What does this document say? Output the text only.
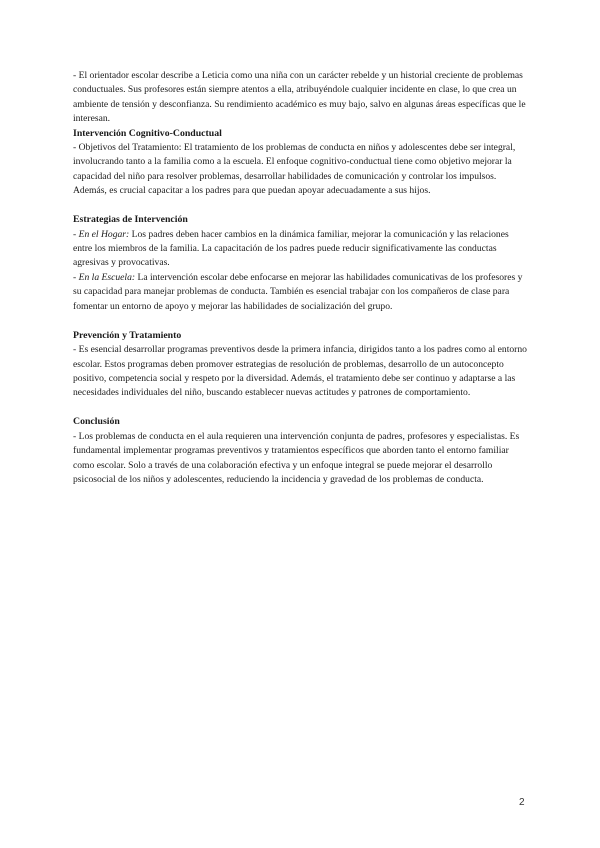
- El orientador escolar describe a Leticia como una niña con un carácter rebelde y un historial creciente de problemas conductuales. Sus profesores están siempre atentos a ella, atribuyéndole cualquier incidente en clase, lo que crea un ambiente de tensión y desconfianza. Su rendimiento académico es muy bajo, salvo en algunas áreas específicas que le interesan.

Intervención Cognitivo-Conductual

- Objetivos del Tratamiento: El tratamiento de los problemas de conducta en niños y adolescentes debe ser integral, involucrando tanto a la familia como a la escuela. El enfoque cognitivo-conductual tiene como objetivo mejorar la capacidad del niño para resolver problemas, desarrollar habilidades de comunicación y controlar los impulsos. Además, es crucial capacitar a los padres para que puedan apoyar adecuadamente a sus hijos.

Estrategias de Intervención

- En el Hogar: Los padres deben hacer cambios en la dinámica familiar, mejorar la comunicación y las relaciones entre los miembros de la familia. La capacitación de los padres puede reducir significativamente las conductas agresivas y provocativas.

- En la Escuela: La intervención escolar debe enfocarse en mejorar las habilidades comunicativas de los profesores y su capacidad para manejar problemas de conducta. También es esencial trabajar con los compañeros de clase para fomentar un entorno de apoyo y mejorar las habilidades de socialización del grupo.

Prevención y Tratamiento

- Es esencial desarrollar programas preventivos desde la primera infancia, dirigidos tanto a los padres como al entorno escolar. Estos programas deben promover estrategias de resolución de problemas, desarrollo de un autoconcepto positivo, competencia social y respeto por la diversidad. Además, el tratamiento debe ser continuo y adaptarse a las necesidades individuales del niño, buscando establecer nuevas actitudes y patrones de comportamiento.

Conclusión

- Los problemas de conducta en el aula requieren una intervención conjunta de padres, profesores y especialistas. Es fundamental implementar programas preventivos y tratamientos específicos que aborden tanto el entorno familiar como escolar. Solo a través de una colaboración efectiva y un enfoque integral se puede mejorar el desarrollo psicosocial de los niños y adolescentes, reduciendo la incidencia y gravedad de los problemas de conducta.

2
